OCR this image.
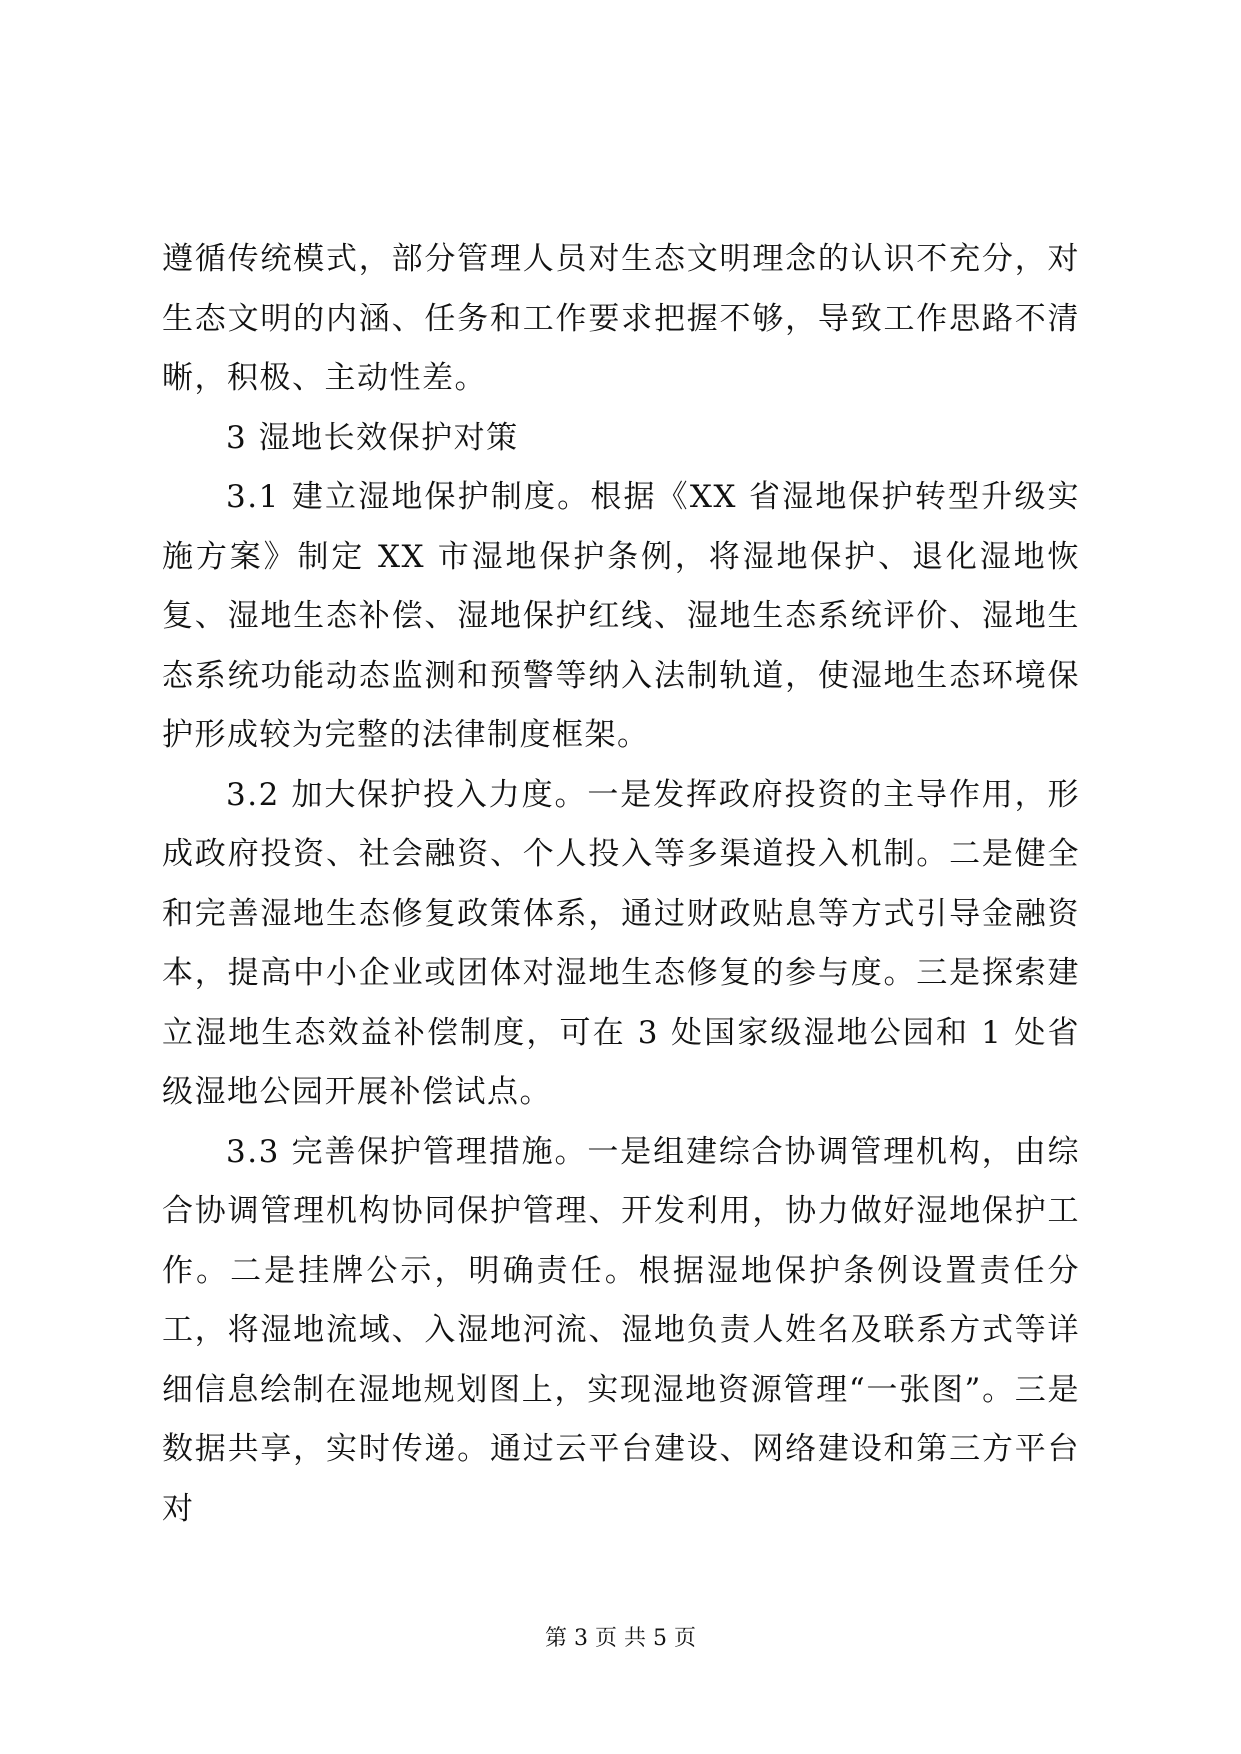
遵循传统模式，部分管理人员对生态文明理念的认识不充分，对生态文明的内涵、任务和工作要求把握不够，导致工作思路不清晰，积极、主动性差。

3 湿地长效保护对策

3.1 建立湿地保护制度。根据《XX 省湿地保护转型升级实施方案》制定 XX 市湿地保护条例，将湿地保护、退化湿地恢复、湿地生态补偿、湿地保护红线、湿地生态系统评价、湿地生态系统功能动态监测和预警等纳入法制轨道，使湿地生态环境保护形成较为完整的法律制度框架。

3.2 加大保护投入力度。一是发挥政府投资的主导作用，形成政府投资、社会融资、个人投入等多渠道投入机制。二是健全和完善湿地生态修复政策体系，通过财政贴息等方式引导金融资本，提高中小企业或团体对湿地生态修复的参与度。三是探索建立湿地生态效益补偿制度，可在 3 处国家级湿地公园和 1 处省级湿地公园开展补偿试点。

3.3 完善保护管理措施。一是组建综合协调管理机构，由综合协调管理机构协同保护管理、开发利用，协力做好湿地保护工作。二是挂牌公示，明确责任。根据湿地保护条例设置责任分工，将湿地流域、入湿地河流、湿地负责人姓名及联系方式等详细信息绘制在湿地规划图上，实现湿地资源管理“一张图”。三是数据共享，实时传递。通过云平台建设、网络建设和第三方平台对

第 3 页 共 5 页
